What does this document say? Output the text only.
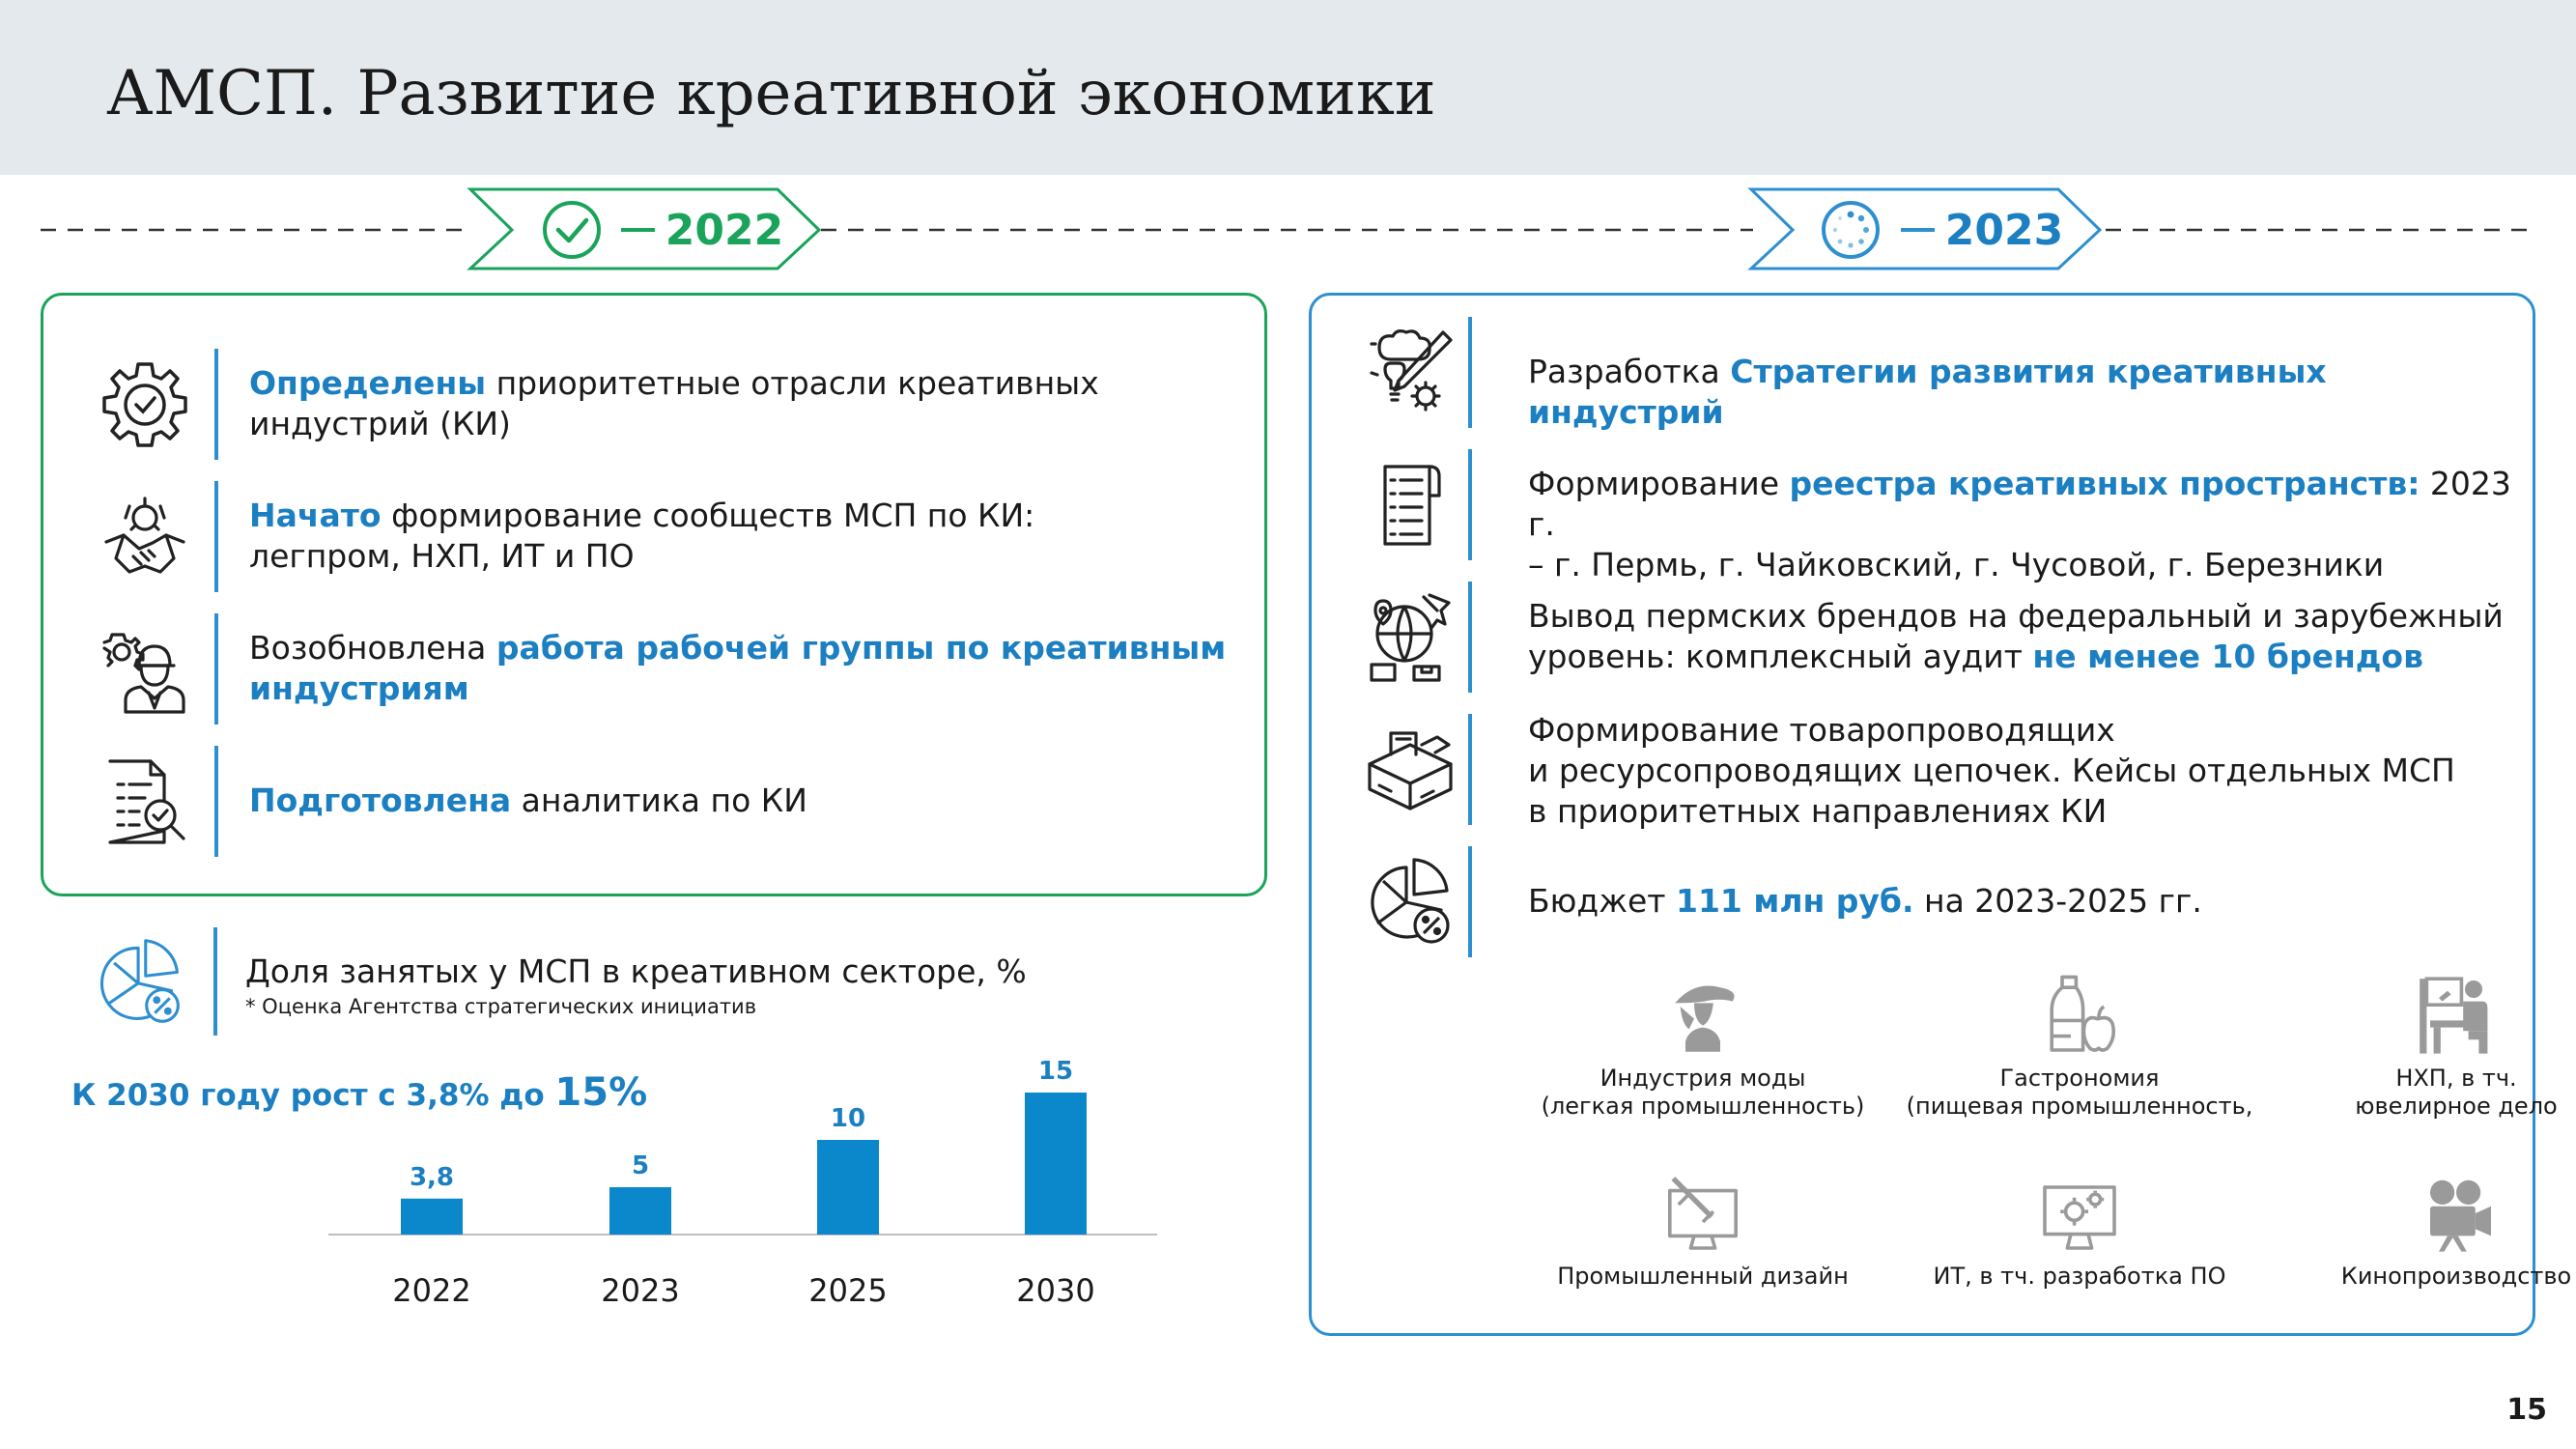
АМСП. Развитие креативной экономики
2022	2023
Определены приоритетные отрасли креативных
индустрий (КИ)
Начато формирование сообществ МСП по КИ:
легпром, НХП, ИТ и ПО
Возобновлена работа рабочей группы по креативным
индустриям
Подготовлена аналитика по КИ
Доля занятых у МСП в креативном секторе, %
* Оценка Агентства стратегических инициатив
К 2030 году рост с 3,8% до 15%
3,8
2022
5
2023
10
2025
15
2030
Разработка Стратегии развития креативных индустрий
Формирование реестра креативных пространств: 2023 г.
– г. Пермь, г. Чайковский, г. Чусовой, г. Березники
Вывод пермских брендов на федеральный и зарубежный
уровень: комплексный аудит не менее 10 брендов
Формирование товаропроводящих
и ресурсопроводящих цепочек. Кейсы отдельных МСП
в приоритетных направлениях КИ
Бюджет 111 млн руб. на 2023-2025 гг.
Индустрия моды
(легкая промышленность)
Гастрономия
(пищевая промышленность,
НХП, в тч.
ювелирное дело
Промышленный дизайн	ИТ, в тч. разработка ПО	Кинопроизводство
15
